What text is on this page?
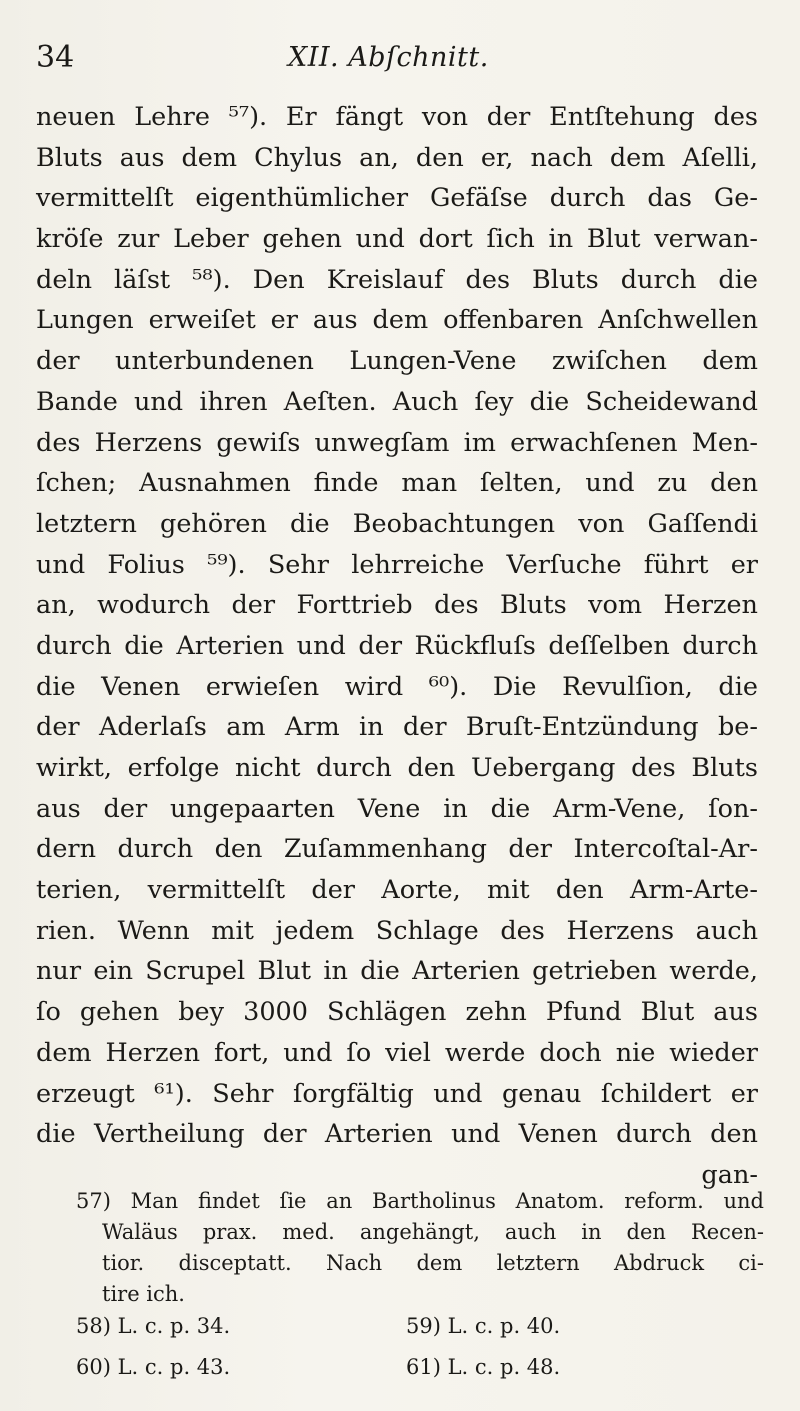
34	XII. Abſchnitt.
neuen Lehre ⁵⁷). Er fängt von der Entſtehung des
Bluts aus dem Chylus an, den er, nach dem Aſelli,
vermittelſt eigenthümlicher Gefäſse durch das Ge-
kröſe zur Leber gehen und dort ſich in Blut verwan-
deln läſst ⁵⁸). Den Kreislauf des Bluts durch die
Lungen erweiſet er aus dem offenbaren Anſchwellen
der unterbundenen Lungen-Vene zwiſchen dem
Bande und ihren Aeſten. Auch ſey die Scheidewand
des Herzens gewiſs unwegſam im erwachſenen Men-
ſchen; Ausnahmen finde man ſelten, und zu den
letztern gehören die Beobachtungen von Gaſſendi
und Folius ⁵⁹). Sehr lehrreiche Verſuche führt er
an, wodurch der Forttrieb des Bluts vom Herzen
durch die Arterien und der Rückfluſs deſſelben durch
die Venen erwieſen wird ⁶⁰). Die Revulſion, die
der Aderlaſs am Arm in der Bruſt-Entzündung be-
wirkt, erfolge nicht durch den Uebergang des Bluts
aus der ungepaarten Vene in die Arm-Vene, ſon-
dern durch den Zuſammenhang der Intercoſtal-Ar-
terien, vermittelſt der Aorte, mit den Arm-Arte-
rien. Wenn mit jedem Schlage des Herzens auch
nur ein Scrupel Blut in die Arterien getrieben werde,
ſo gehen bey 3000 Schlägen zehn Pfund Blut aus
dem Herzen fort, und ſo viel werde doch nie wieder
erzeugt ⁶¹). Sehr ſorgfältig und genau ſchildert er
die Vertheilung der Arterien und Venen durch den
gan-
57) Man findet ſie an Bartholinus Anatom. reform. und
Waläus prax. med. angehängt, auch in den Recen-
tior. disceptatt. Nach dem letztern Abdruck ci-
tire ich.
58) L. c. p. 34.	59) L. c. p. 40.
60) L. c. p. 43.	61) L. c. p. 48.
